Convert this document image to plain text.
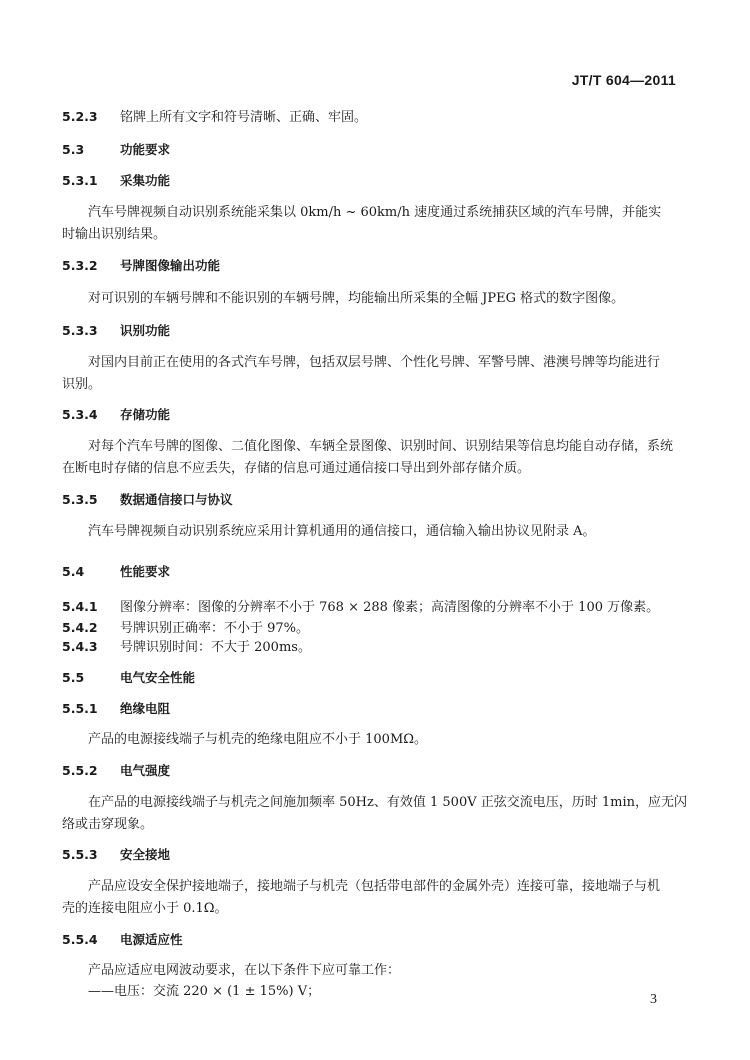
JT/T 604—2011
5.2.3 铭牌上所有文字和符号清晰、正确、牢固。
5.3	功能要求
5.3.1 采集功能
汽车号牌视频自动识别系统能采集以 0km/h ~ 60km/h 速度通过系统捕获区域的汽车号牌，并能实
时输出识别结果。
5.3.2 号牌图像输出功能
对可识别的车辆号牌和不能识别的车辆号牌，均能输出所采集的全幅 JPEG 格式的数字图像。
5.3.3 识别功能
对国内目前正在使用的各式汽车号牌，包括双层号牌、个性化号牌、军警号牌、港澳号牌等均能进行
识别。
5.3.4 存储功能
对每个汽车号牌的图像、二值化图像、车辆全景图像、识别时间、识别结果等信息均能自动存储，系统
在断电时存储的信息不应丢失，存储的信息可通过通信接口导出到外部存储介质。
5.3.5 数据通信接口与协议
汽车号牌视频自动识别系统应采用计算机通用的通信接口，通信输入输出协议见附录 A。
5.4	性能要求
5.4.1 图像分辨率：图像的分辨率不小于 768 × 288 像素；高清图像的分辨率不小于 100 万像素。
5.4.2 号牌识别正确率：不小于 97%。
5.4.3 号牌识别时间：不大于 200ms。
5.5	电气安全性能
5.5.1 绝缘电阻
产品的电源接线端子与机壳的绝缘电阻应不小于 100MΩ。
5.5.2 电气强度
在产品的电源接线端子与机壳之间施加频率 50Hz、有效值 1 500V 正弦交流电压，历时 1min，应无闪
络或击穿现象。
5.5.3 安全接地
产品应设安全保护接地端子，接地端子与机壳（包括带电部件的金属外壳）连接可靠，接地端子与机
壳的连接电阻应小于 0.1Ω。
5.5.4 电源适应性
产品应适应电网波动要求，在以下条件下应可靠工作：
——电压：交流 220 × (1 ± 15%) V；
3
